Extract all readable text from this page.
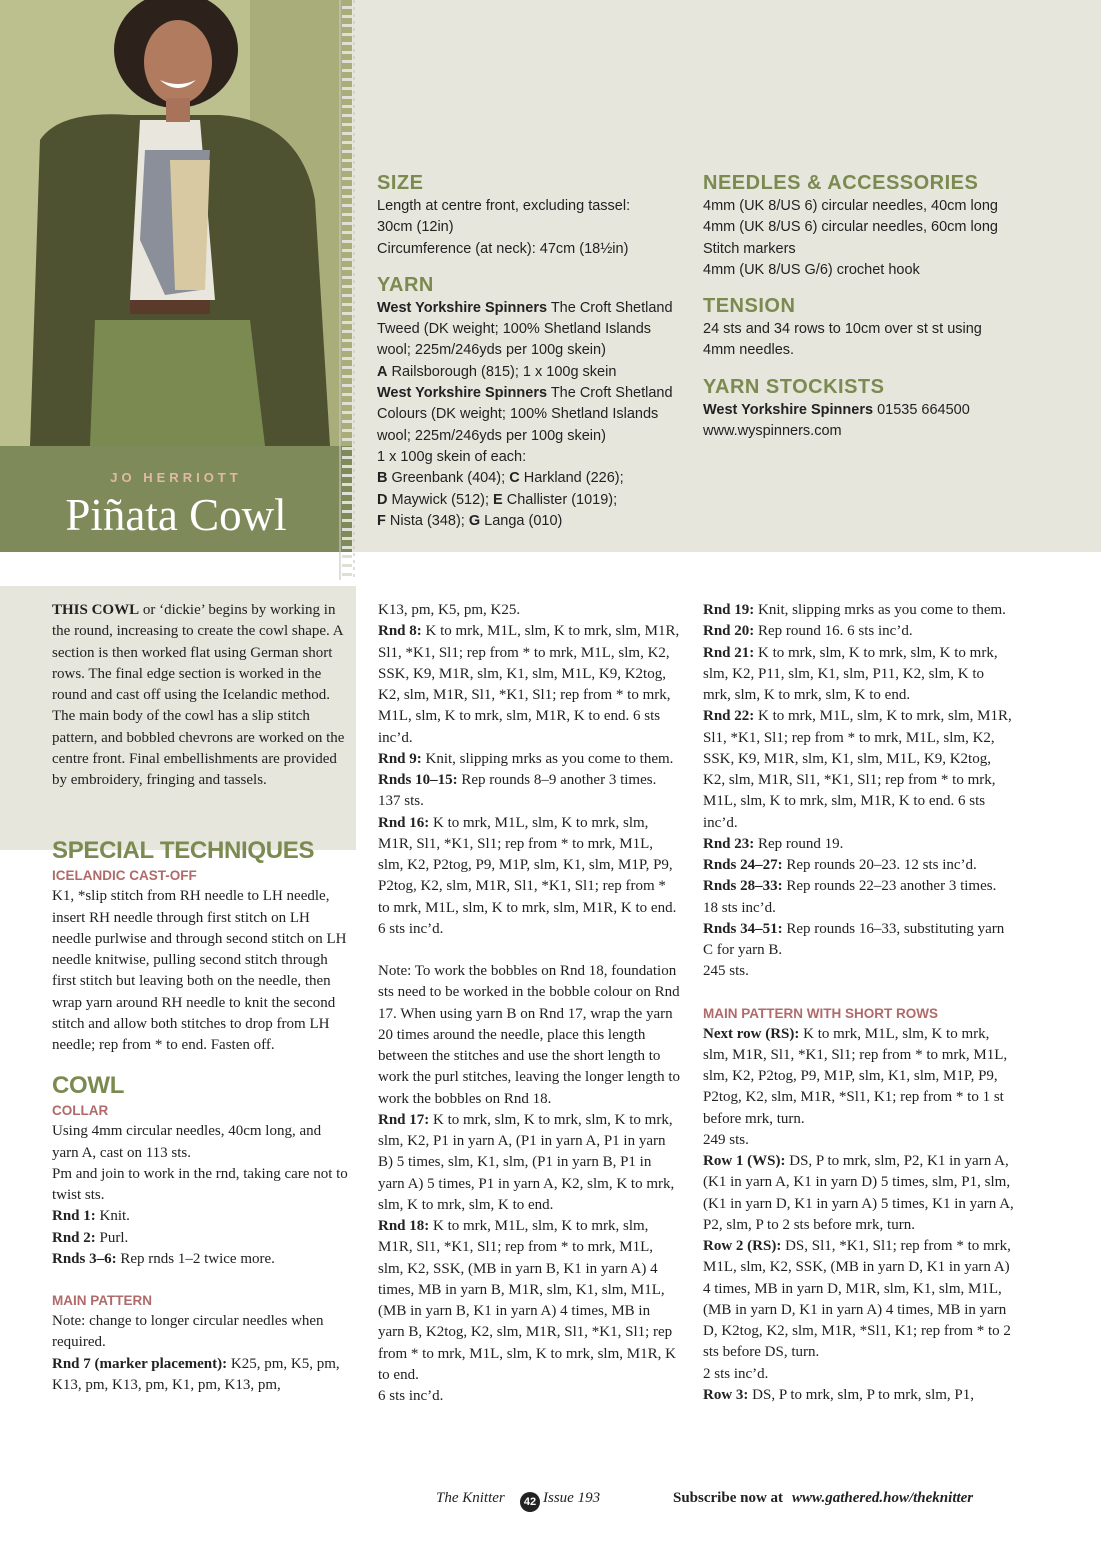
JO HERRIOTT
Piñata Cowl
SIZE
Length at centre front, excluding tassel:
30cm (12in)
Circumference (at neck): 47cm (18½in)
YARN
West Yorkshire Spinners The Croft Shetland
Tweed (DK weight; 100% Shetland Islands
wool; 225m/246yds per 100g skein)
A Railsborough (815); 1 x 100g skein
West Yorkshire Spinners The Croft Shetland
Colours (DK weight; 100% Shetland Islands
wool; 225m/246yds per 100g skein)
1 x 100g skein of each:
B Greenbank (404); C Harkland (226);
D Maywick (512); E Challister (1019);
F Nista (348); G Langa (010)
NEEDLES & ACCESSORIES
4mm (UK 8/US 6) circular needles, 40cm long
4mm (UK 8/US 6) circular needles, 60cm long
Stitch markers
4mm (UK 8/US G/6) crochet hook
TENSION
24 sts and 34 rows to 10cm over st st using
4mm needles.
YARN STOCKISTS
West Yorkshire Spinners 01535 664500
www.wyspinners.com
THIS COWL or ‘dickie’ begins by working in the round, increasing to create the cowl shape. A section is then worked flat using German short rows. The final edge section is worked in the round and cast off using the Icelandic method. The main body of the cowl has a slip stitch pattern, and bobbled chevrons are worked on the centre front. Final embellishments are provided by embroidery, fringing and tassels.
SPECIAL TECHNIQUES
ICELANDIC CAST-OFF
K1, *slip stitch from RH needle to LH needle, insert RH needle through first stitch on LH needle purlwise and through second stitch on LH needle knitwise, pulling second stitch through first stitch but leaving both on the needle, then wrap yarn around RH needle to knit the second stitch and allow both stitches to drop from LH needle; rep from * to end. Fasten off.
COWL
COLLAR
Using 4mm circular needles, 40cm long, and yarn A, cast on 113 sts.
Pm and join to work in the rnd, taking care not to twist sts.
Rnd 1: Knit.
Rnd 2: Purl.
Rnds 3–6: Rep rnds 1–2 twice more.
MAIN PATTERN
Note: change to longer circular needles when required.
Rnd 7 (marker placement): K25, pm, K5, pm, K13, pm, K13, pm, K1, pm, K13, pm,
K13, pm, K5, pm, K25.
Rnd 8: K to mrk, M1L, slm, K to mrk, slm, M1R, Sl1, *K1, Sl1; rep from * to mrk, M1L, slm, K2, SSK, K9, M1R, slm, K1, slm, M1L, K9, K2tog, K2, slm, M1R, Sl1, *K1, Sl1; rep from * to mrk, M1L, slm, K to mrk, slm, M1R, K to end. 6 sts inc’d.
Rnd 9: Knit, slipping mrks as you come to them.
Rnds 10–15: Rep rounds 8–9 another 3 times. 137 sts.
Rnd 16: K to mrk, M1L, slm, K to mrk, slm, M1R, Sl1, *K1, Sl1; rep from * to mrk, M1L, slm, K2, P2tog, P9, M1P, slm, K1, slm, M1P, P9, P2tog, K2, slm, M1R, Sl1, *K1, Sl1; rep from * to mrk, M1L, slm, K to mrk, slm, M1R, K to end. 6 sts inc’d.
Note: To work the bobbles on Rnd 18, foundation sts need to be worked in the bobble colour on Rnd 17. When using yarn B on Rnd 17, wrap the yarn 20 times around the needle, place this length between the stitches and use the short length to work the purl stitches, leaving the longer length to work the bobbles on Rnd 18.
Rnd 17: K to mrk, slm, K to mrk, slm, K to mrk, slm, K2, P1 in yarn A, (P1 in yarn A, P1 in yarn B) 5 times, slm, K1, slm, (P1 in yarn B, P1 in yarn A) 5 times, P1 in yarn A, K2, slm, K to mrk, slm, K to mrk, slm, K to end.
Rnd 18: K to mrk, M1L, slm, K to mrk, slm, M1R, Sl1, *K1, Sl1; rep from * to mrk, M1L, slm, K2, SSK, (MB in yarn B, K1 in yarn A) 4 times, MB in yarn B, M1R, slm, K1, slm, M1L, (MB in yarn B, K1 in yarn A) 4 times, MB in yarn B, K2tog, K2, slm, M1R, Sl1, *K1, Sl1; rep from * to mrk, M1L, slm, K to mrk, slm, M1R, K to end.
6 sts inc’d.
Rnd 19: Knit, slipping mrks as you come to them.
Rnd 20: Rep round 16. 6 sts inc’d.
Rnd 21: K to mrk, slm, K to mrk, slm, K to mrk, slm, K2, P11, slm, K1, slm, P11, K2, slm, K to mrk, slm, K to mrk, slm, K to end.
Rnd 22: K to mrk, M1L, slm, K to mrk, slm, M1R, Sl1, *K1, Sl1; rep from * to mrk, M1L, slm, K2, SSK, K9, M1R, slm, K1, slm, M1L, K9, K2tog, K2, slm, M1R, Sl1, *K1, Sl1; rep from * to mrk, M1L, slm, K to mrk, slm, M1R, K to end. 6 sts inc’d.
Rnd 23: Rep round 19.
Rnds 24–27: Rep rounds 20–23. 12 sts inc’d.
Rnds 28–33: Rep rounds 22–23 another 3 times. 18 sts inc’d.
Rnds 34–51: Rep rounds 16–33, substituting yarn C for yarn B.
245 sts.
MAIN PATTERN WITH SHORT ROWS
Next row (RS): K to mrk, M1L, slm, K to mrk, slm, M1R, Sl1, *K1, Sl1; rep from * to mrk, M1L, slm, K2, P2tog, P9, M1P, slm, K1, slm, M1P, P9, P2tog, K2, slm, M1R, *Sl1, K1; rep from * to 1 st before mrk, turn.
249 sts.
Row 1 (WS): DS, P to mrk, slm, P2, K1 in yarn A, (K1 in yarn A, K1 in yarn D) 5 times, slm, P1, slm, (K1 in yarn D, K1 in yarn A) 5 times, K1 in yarn A, P2, slm, P to 2 sts before mrk, turn.
Row 2 (RS): DS, Sl1, *K1, Sl1; rep from * to mrk, M1L, slm, K2, SSK, (MB in yarn D, K1 in yarn A) 4 times, MB in yarn D, M1R, slm, K1, slm, M1L, (MB in yarn D, K1 in yarn A) 4 times, MB in yarn D, K2tog, K2, slm, M1R, *Sl1, K1; rep from * to 2 sts before DS, turn.
2 sts inc’d.
Row 3: DS, P to mrk, slm, P to mrk, slm, P1,
The Knitter	42 Issue 193	Subscribe now at www.gathered.how/theknitter
